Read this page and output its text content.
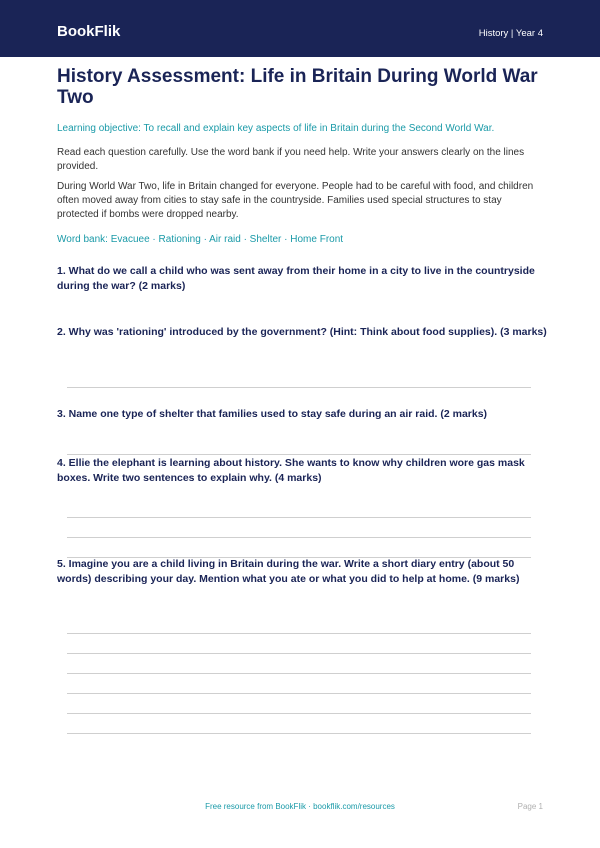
BookFlik	History | Year 4
History Assessment: Life in Britain During World War Two

Learning objective: To recall and explain key aspects of life in Britain during the Second World War.

Read each question carefully. Use the word bank if you need help. Write your answers clearly on the lines provided.

During World War Two, life in Britain changed for everyone. People had to be careful with food, and children often moved away from cities to stay safe in the countryside. Families used special structures to stay protected if bombs were dropped nearby.

Word bank: Evacuee · Rationing · Air raid · Shelter · Home Front

1. What do we call a child who was sent away from their home in a city to live in the countryside during the war? (2 marks)

2. Why was 'rationing' introduced by the government? (Hint: Think about food supplies). (3 marks)

3. Name one type of shelter that families used to stay safe during an air raid. (2 marks)

4. Ellie the elephant is learning about history. She wants to know why children wore gas mask boxes. Write two sentences to explain why. (4 marks)

5. Imagine you are a child living in Britain during the war. Write a short diary entry (about 50 words) describing your day. Mention what you ate or what you did to help at home. (9 marks)

Free resource from BookFlik · bookflik.com/resources	Page 1
